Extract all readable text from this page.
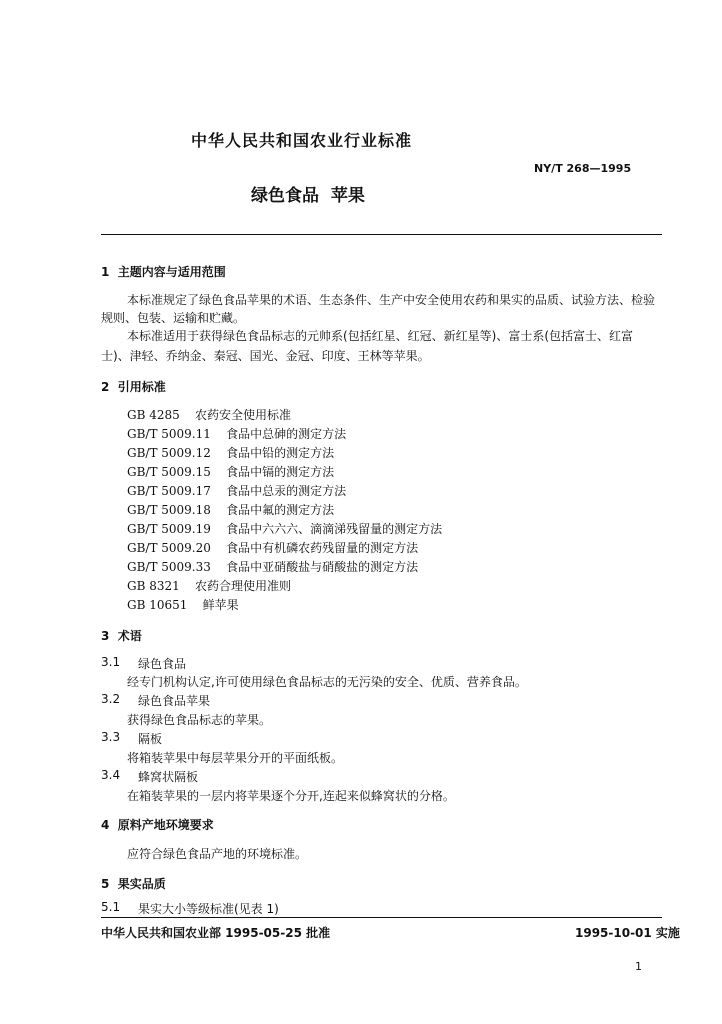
中华人民共和国农业行业标准
NY/T 268—1995
绿色食品  苹果
1  主题内容与适用范围
本标准规定了绿色食品苹果的术语、生态条件、生产中安全使用农药和果实的品质、试验方法、检验
规则、包装、运输和贮藏。
本标准适用于获得绿色食品标志的元帅系(包括红星、红冠、新红星等)、富士系(包括富士、红富
士)、津轻、乔纳金、秦冠、国光、金冠、印度、王林等苹果。
2  引用标准
GB 4285    农药安全使用标准
GB/T 5009.11    食品中总砷的测定方法
GB/T 5009.12    食品中铅的测定方法
GB/T 5009.15    食品中镉的测定方法
GB/T 5009.17    食品中总汞的测定方法
GB/T 5009.18    食品中氟的测定方法
GB/T 5009.19    食品中六六六、滴滴涕残留量的测定方法
GB/T 5009.20    食品中有机磷农药残留量的测定方法
GB/T 5009.33    食品中亚硝酸盐与硝酸盐的测定方法
GB 8321    农药合理使用准则
GB 10651    鲜苹果
3  术语
3.1 绿色食品
经专门机构认定,许可使用绿色食品标志的无污染的安全、优质、营养食品。
3.2 绿色食品苹果
获得绿色食品标志的苹果。
3.3 隔板
将箱装苹果中每层苹果分开的平面纸板。
3.4 蜂窝状隔板
在箱装苹果的一层内将苹果逐个分开,连起来似蜂窝状的分格。
4  原料产地环境要求
应符合绿色食品产地的环境标准。
5  果实品质
5.1 果实大小等级标准(见表 1)
中华人民共和国农业部 1995-05-25 批准	1995-10-01 实施
1
